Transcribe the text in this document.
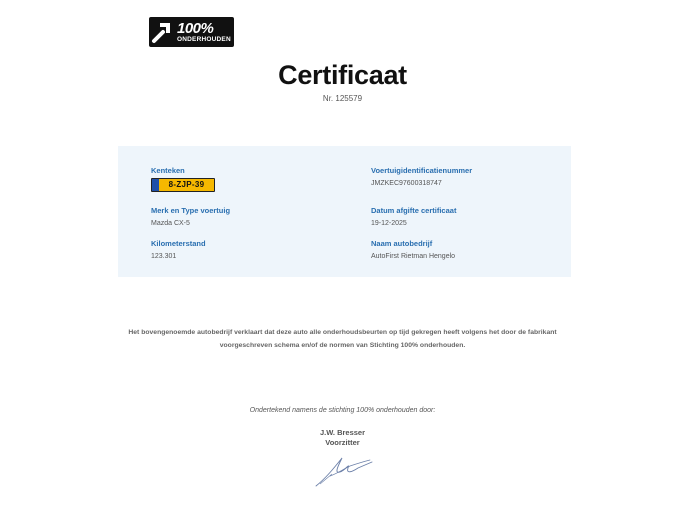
100%
ONDERHOUDEN
Certificaat
Nr. 125579
Kenteken
8-ZJP-39
Voertuigidentificatienummer
JMZKEC97600318747
Merk en Type voertuig
Mazda CX-5
Datum afgifte certificaat
19-12-2025
Kilometerstand
123.301
Naam autobedrijf
AutoFirst Rietman Hengelo
Het bovengenoemde autobedrijf verklaart dat deze auto alle onderhoudsbeurten op tijd gekregen heeft volgens het door de fabrikant
voorgeschreven schema en/of de normen van Stichting 100% onderhouden.
Ondertekend namens de stichting 100% onderhouden door:
J.W. Bresser
Voorzitter
